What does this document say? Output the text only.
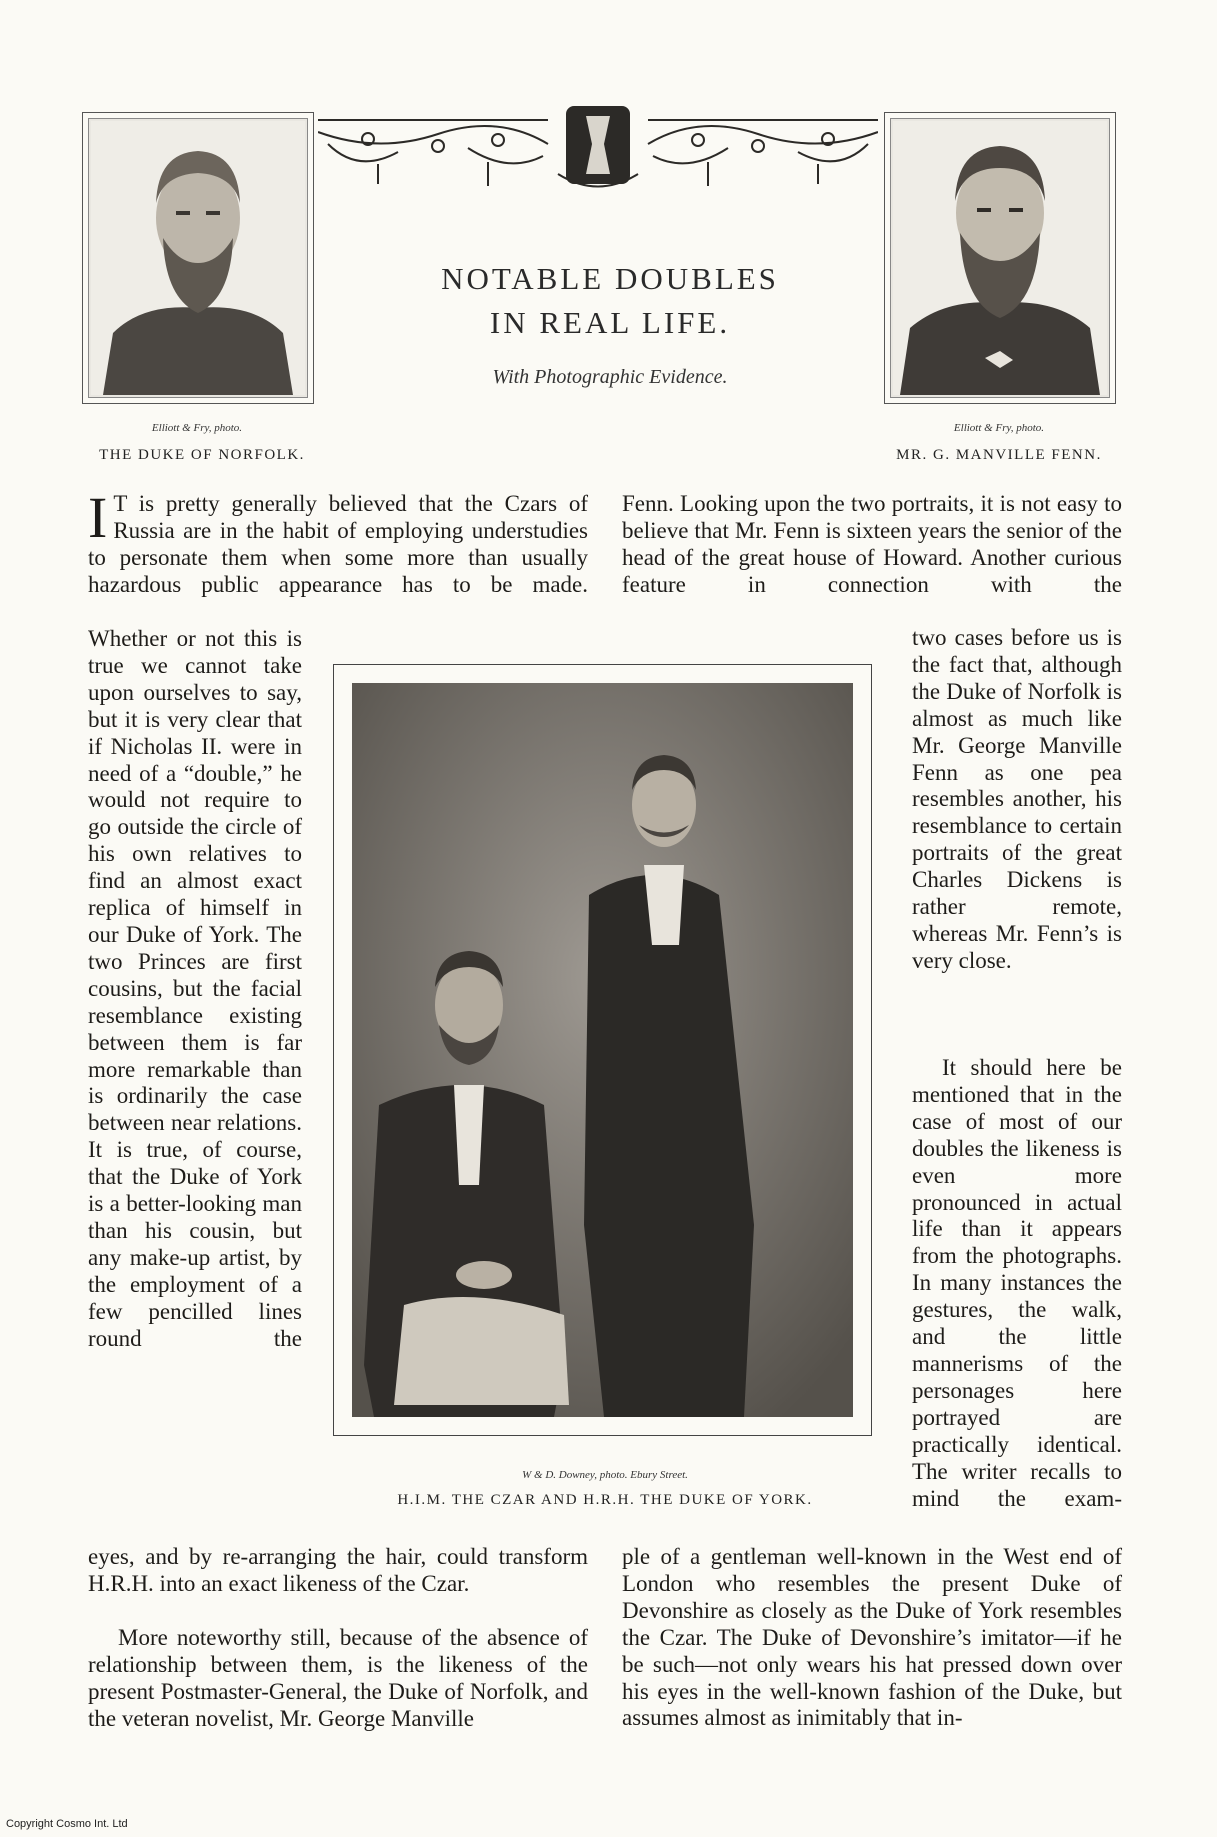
Elliott & Fry, photo.
THE DUKE OF NORFOLK.
Elliott & Fry, photo.
MR. G. MANVILLE FENN.
NOTABLE DOUBLES
IN REAL LIFE.
With Photographic Evidence.

I T is pretty generally believed that the Czars of Russia are in the habit of employing understudies to personate them when some more than usually hazardous public appearance has to be made.

Whether or not this is true we cannot take upon ourselves to say, but it is very clear that if Nicholas II. were in need of a “double,” he would not require to go outside the circle of his own relatives to find an almost exact replica of himself in our Duke of York. The two Princes are first cousins, but the facial resemblance existing between them is far more remarkable than is ordinarily the case between near relations. It is true, of course, that the Duke of York is a better-looking man than his cousin, but any make-up artist, by the employment of a few pencilled lines round the

eyes, and by re-arranging the hair, could transform H.R.H. into an exact likeness of the Czar.

More noteworthy still, because of the absence of relationship between them, is the likeness of the present Postmaster-General, the Duke of Norfolk, and the veteran novelist, Mr. George Manville

Fenn. Looking upon the two portraits, it is not easy to believe that Mr. Fenn is sixteen years the senior of the head of the great house of Howard. Another curious feature in connection with the

two cases before us is the fact that, although the Duke of Norfolk is almost as much like Mr. George Manville Fenn as one pea resembles another, his resemblance to certain portraits of the great Charles Dickens is rather remote, whereas Mr. Fenn’s is very close.

It should here be mentioned that in the case of most of our doubles the likeness is even more pronounced in actual life than it appears from the photographs. In many instances the gestures, the walk, and the little mannerisms of the personages here portrayed are practically identical. The writer recalls to mind the exam-

ple of a gentleman well-known in the West end of London who resembles the present Duke of Devonshire as closely as the Duke of York resembles the Czar. The Duke of Devonshire’s imitator—if he be such—not only wears his hat pressed down over his eyes in the well-known fashion of the Duke, but assumes almost as inimitably that in-

W & D. Downey, photo. Ebury Street.
H.I.M. THE CZAR AND H.R.H. THE DUKE OF YORK.
Copyright Cosmo Int. Ltd
